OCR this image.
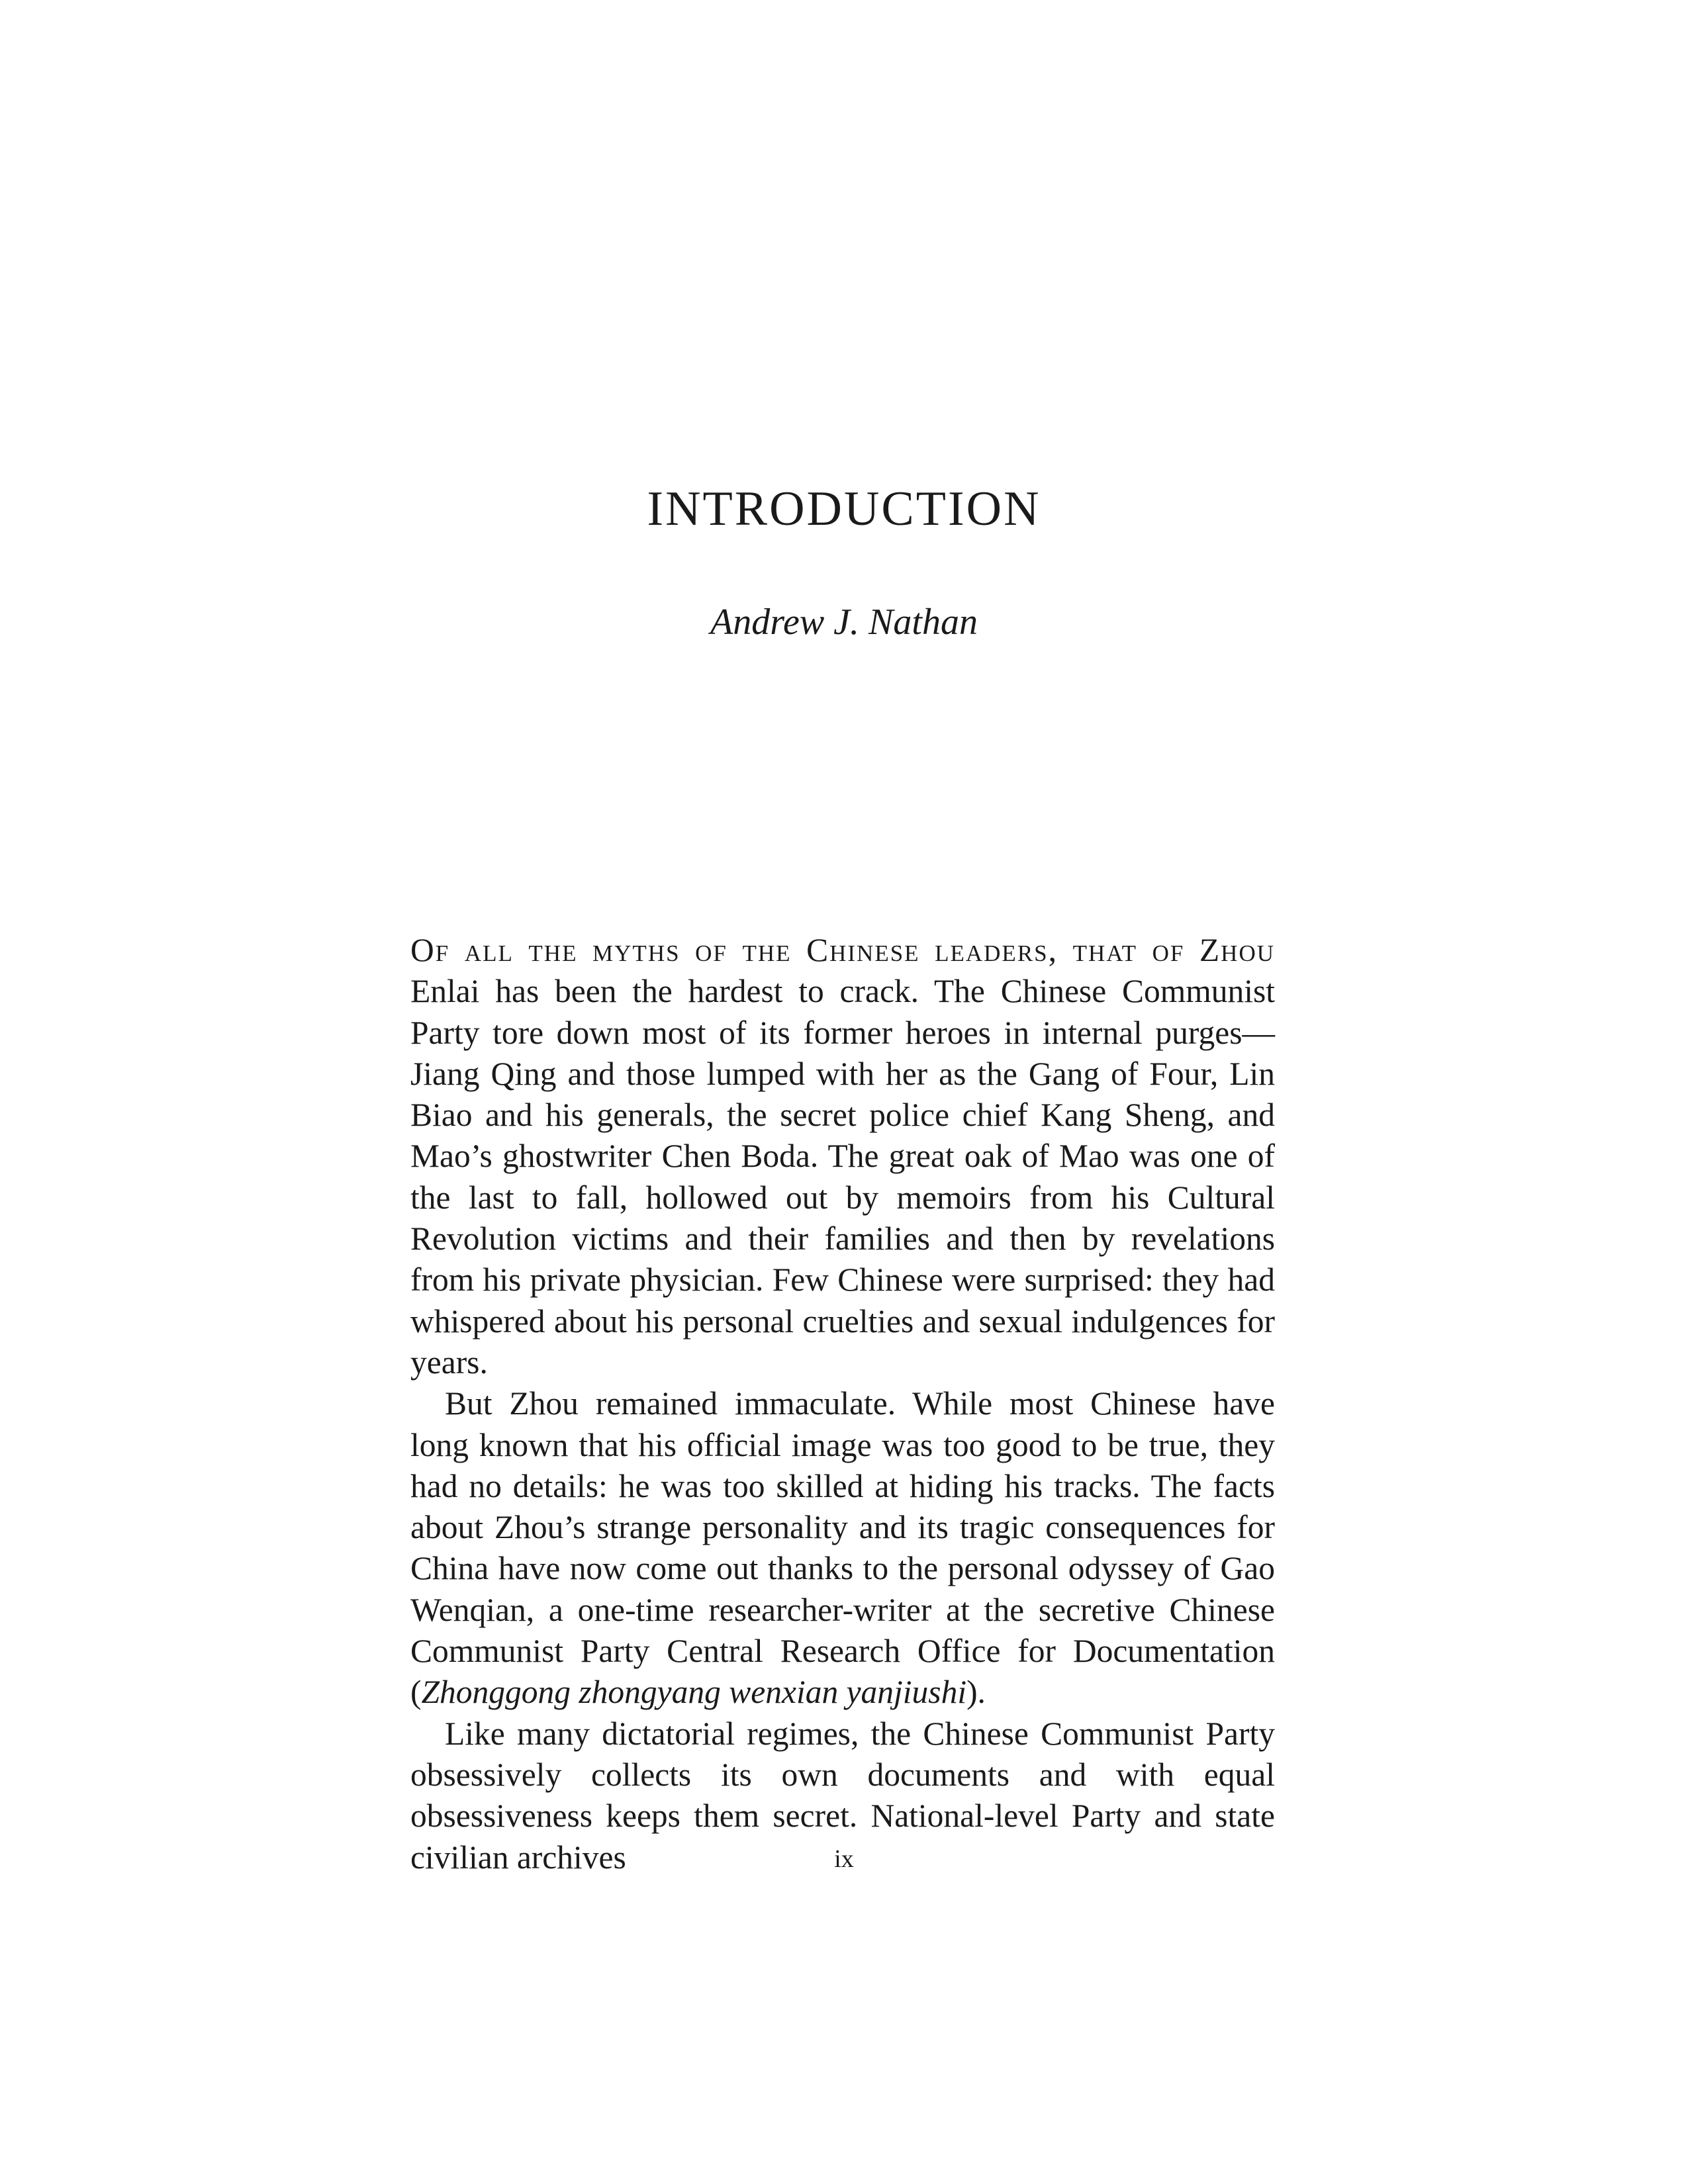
INTRODUCTION
Andrew J. Nathan

Of all the myths of the Chinese leaders, that of Zhou Enlai has been the hardest to crack. The Chinese Communist Party tore down most of its former heroes in internal purges—Jiang Qing and those lumped with her as the Gang of Four, Lin Biao and his generals, the secret police chief Kang Sheng, and Mao’s ghostwriter Chen Boda. The great oak of Mao was one of the last to fall, hollowed out by memoirs from his Cultural Revolution victims and their families and then by revelations from his private physician. Few Chinese were surprised: they had whispered about his personal cruelties and sexual indulgences for years.

But Zhou remained immaculate. While most Chinese have long known that his official image was too good to be true, they had no details: he was too skilled at hiding his tracks. The facts about Zhou’s strange personality and its tragic consequences for China have now come out thanks to the personal odyssey of Gao Wenqian, a one-time researcher-writer at the secretive Chinese Communist Party Central Research Office for Documentation (Zhonggong zhongyang wenxian yanjiushi).

Like many dictatorial regimes, the Chinese Communist Party obsessively collects its own documents and with equal obsessiveness keeps them secret. National-level Party and state civilian archives	ix
